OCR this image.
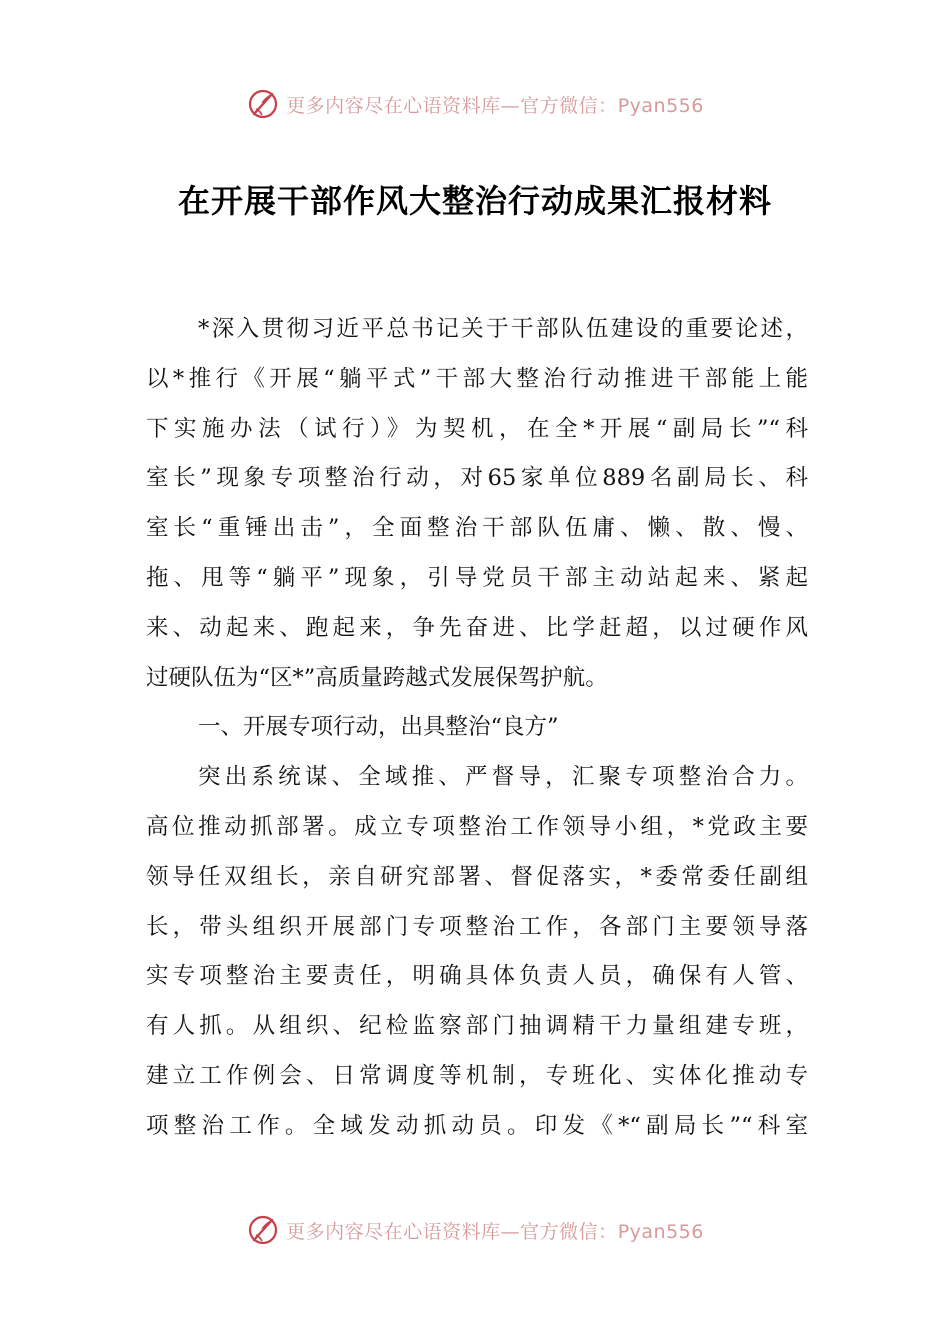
更多内容尽在心语资料库—官方微信：Pyan556
在开展干部作风大整治行动成果汇报材料
*深入贯彻习近平总书记关于干部队伍建设的重要论述，
以*推行《开展“躺平式”干部大整治行动推进干部能上能
下实施办法（试行）》为契机，在全*开展“副局长”“科
室长”现象专项整治行动，对65家单位889名副局长、科
室长“重锤出击”，全面整治干部队伍庸、懒、散、慢、
拖、甩等“躺平”现象，引导党员干部主动站起来、紧起
来、动起来、跑起来，争先奋进、比学赶超，以过硬作风
过硬队伍为“区*”高质量跨越式发展保驾护航。
一、开展专项行动，出具整治“良方”
突出系统谋、全域推、严督导，汇聚专项整治合力。
高位推动抓部署。成立专项整治工作领导小组，*党政主要
领导任双组长，亲自研究部署、督促落实，*委常委任副组
长，带头组织开展部门专项整治工作，各部门主要领导落
实专项整治主要责任，明确具体负责人员，确保有人管、
有人抓。从组织、纪检监察部门抽调精干力量组建专班，
建立工作例会、日常调度等机制，专班化、实体化推动专
项整治工作。全域发动抓动员。印发《*“副局长”“科室
更多内容尽在心语资料库—官方微信：Pyan556
